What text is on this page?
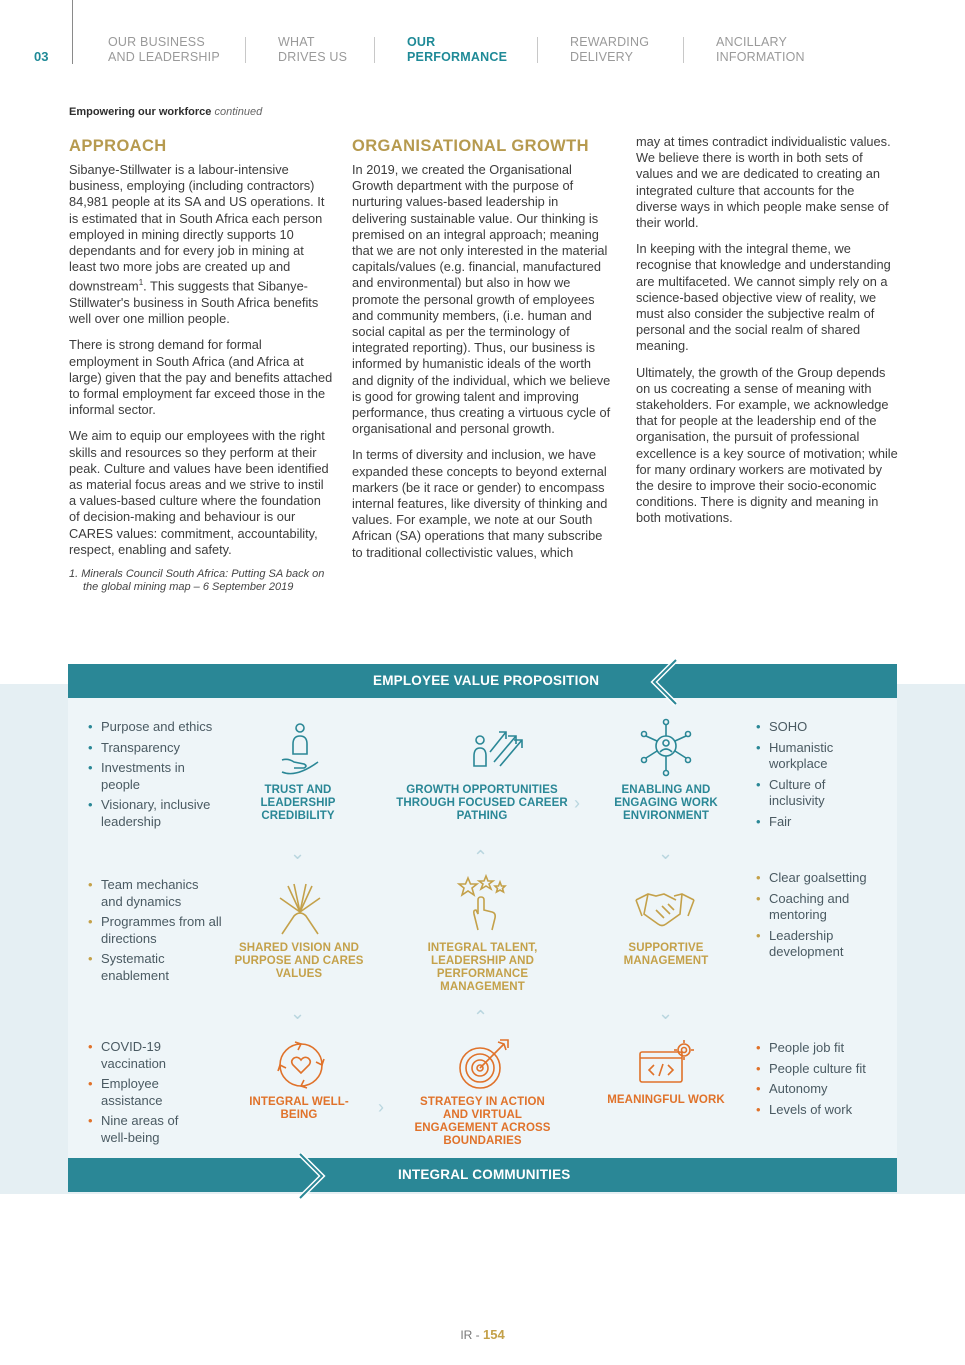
03
OUR BUSINESS
AND LEADERSHIP
WHAT
DRIVES US
OUR
PERFORMANCE
REWARDING
DELIVERY
ANCILLARY
INFORMATION
Empowering our workforce continued
APPROACH

Sibanye-Stillwater is a labour-intensive business, employing (including contractors) 84,981 people at its SA and US operations. It is estimated that in South Africa each person employed in mining directly supports 10 dependants and for every job in mining at least two more jobs are created up and downstream$^1$. This suggests that Sibanye-Stillwater's business in South Africa benefits well over one million people.

There is strong demand for formal employment in South Africa (and Africa at large) given that the pay and benefits attached to formal employment far exceed those in the informal sector.

We aim to equip our employees with the right skills and resources so they perform at their peak. Culture and values have been identified as material focus areas and we strive to instil a values-based culture where the foundation of decision-making and behaviour is our CARES values: commitment, accountability, respect, enabling and safety.

1. Minerals Council South Africa: Putting SA back on the global mining map – 6 September 2019
ORGANISATIONAL GROWTH

In 2019, we created the Organisational Growth department with the purpose of nurturing values-based leadership in delivering sustainable value. Our thinking is premised on an integral approach; meaning that we are not only interested in the material capitals/values (e.g. financial, manufactured and environmental) but also in how we promote the personal growth of employees and community members, (i.e. human and social capital as per the terminology of integrated reporting). Thus, our business is informed by humanistic ideals of the worth and dignity of the individual, which we believe is good for growing talent and improving performance, thus creating a virtuous cycle of organisational and personal growth.

In terms of diversity and inclusion, we have expanded these concepts to beyond external markers (be it race or gender) to encompass internal features, like diversity of thinking and values. For example, we note at our South African (SA) operations that many subscribe to traditional collectivistic values, which

may at times contradict individualistic values. We believe there is worth in both sets of values and we are dedicated to creating an integrated culture that accounts for the diverse ways in which people make sense of their world.

In keeping with the integral theme, we recognise that knowledge and understanding are multifaceted. We cannot simply rely on a science-based objective view of reality, we must also consider the subjective realm of personal and the social realm of shared meaning.

Ultimately, the growth of the Group depends on us cocreating a sense of meaning with stakeholders. For example, we acknowledge that for people at the leadership end of the organisation, the pursuit of professional excellence is a key source of motivation; while for many ordinary workers are motivated by the desire to improve their socio-economic conditions. There is dignity and meaning in both motivations.

EMPLOYEE VALUE PROPOSITION
INTEGRAL COMMUNITIES
• Purpose and ethics
• Transparency
• Investments in people
• Visionary, inclusive leadership
TRUST AND LEADERSHIP CREDIBILITY
GROWTH OPPORTUNITIES THROUGH FOCUSED CAREER PATHING
ENABLING AND ENGAGING WORK ENVIRONMENT
• SOHO
• Humanistic workplace
• Culture of inclusivity
• Fair
• Team mechanics and dynamics
• Programmes from all directions
• Systematic enablement
SHARED VISION AND PURPOSE AND CARES VALUES
INTEGRAL TALENT, LEADERSHIP AND PERFORMANCE MANAGEMENT
SUPPORTIVE MANAGEMENT
• Clear goalsetting
• Coaching and mentoring
• Leadership development
• COVID-19 vaccination
• Employee assistance
• Nine areas of well-being
INTEGRAL WELL-BEING
STRATEGY IN ACTION AND VIRTUAL ENGAGEMENT ACROSS BOUNDARIES
MEANINGFUL WORK
• People job fit
• People culture fit
• Autonomy
• Levels of work
⌄	⌃	⌄
›
⌄	⌃	⌄
›
IR - 154
